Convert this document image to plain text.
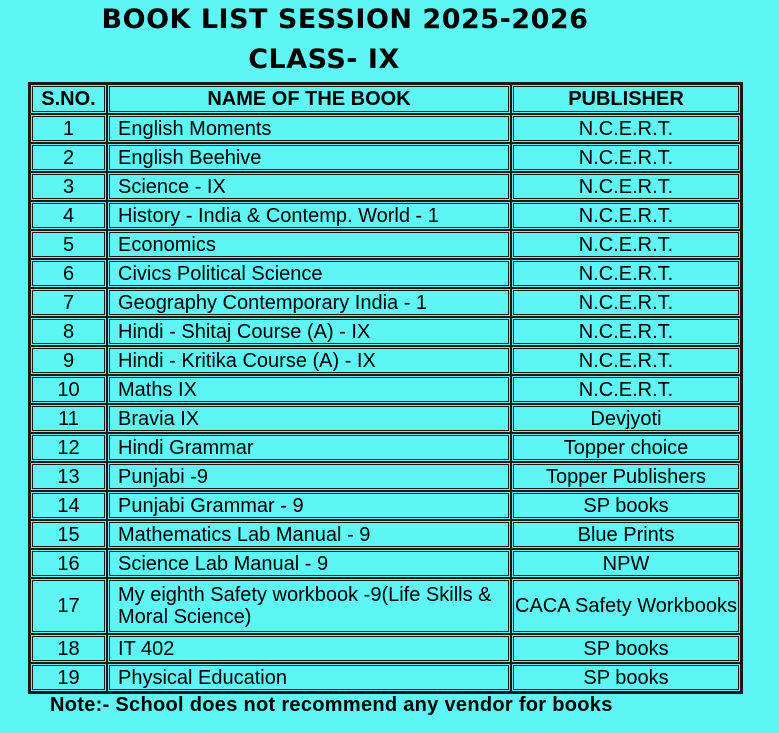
BOOK LIST SESSION 2025-2026
CLASS- IX
S.NO.	NAME OF THE BOOK	PUBLISHER
1	English Moments	N.C.E.R.T.
2	English Beehive	N.C.E.R.T.
3	Science - IX	N.C.E.R.T.
4	History - India & Contemp. World - 1	N.C.E.R.T.
5	Economics	N.C.E.R.T.
6	Civics Political Science	N.C.E.R.T.
7	Geography Contemporary India - 1	N.C.E.R.T.
8	Hindi - Shitaj Course (A) - IX	N.C.E.R.T.
9	Hindi - Kritika Course (A) - IX	N.C.E.R.T.
10	Maths IX	N.C.E.R.T.
11	Bravia IX	Devjyoti
12	Hindi Grammar	Topper choice
13	Punjabi -9	Topper Publishers
14	Punjabi Grammar - 9	SP books
15	Mathematics Lab Manual - 9	Blue Prints
16	Science Lab Manual - 9	NPW
17	My eighth Safety workbook -9(Life Skills & Moral Science)	CACA Safety Workbooks
18	IT 402	SP books
19	Physical Education	SP books
Note:- School does not recommend any vendor for books
